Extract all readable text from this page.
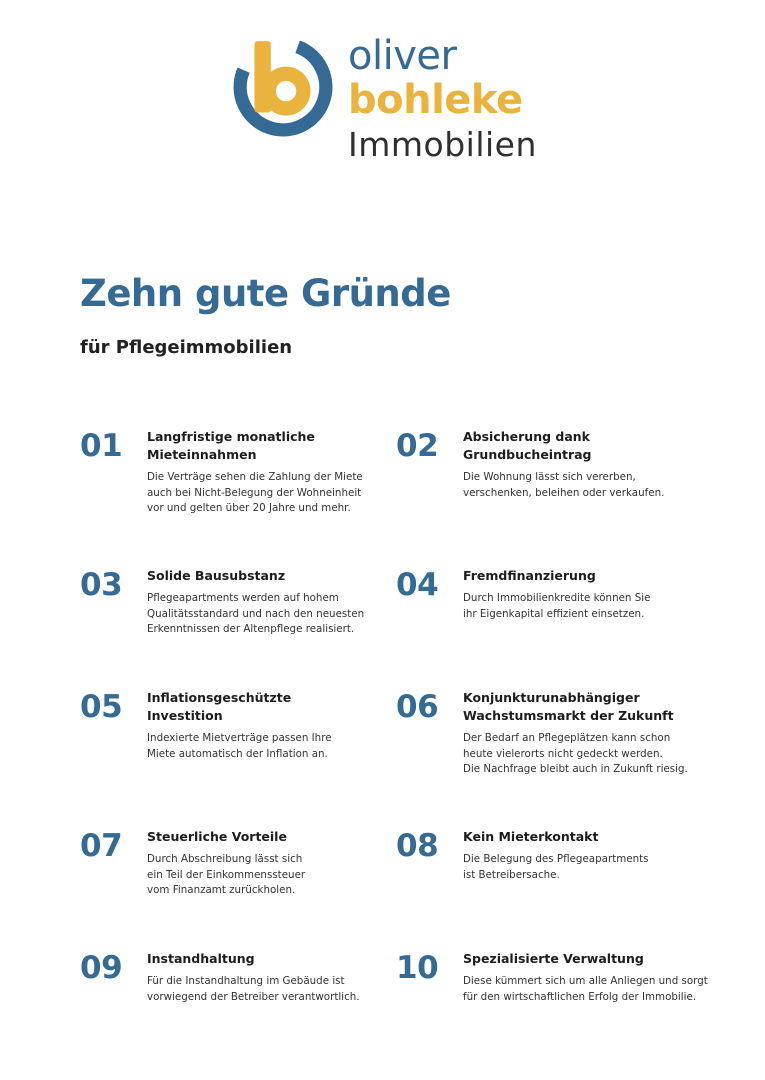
oliver
bohleke
Immobilien
Zehn gute Gründe
für Pflegeimmobilien
01 Langfristige monatliche
Mieteinnahmen

Die Verträge sehen die Zahlung der Miete
auch bei Nicht-Belegung der Wohneinheit
vor und gelten über 20 Jahre und mehr.

02 Absicherung dank
Grundbucheintrag

Die Wohnung lässt sich vererben,
verschenken, beleihen oder verkaufen.

03 Solide Bausubstanz

Pflegeapartments werden auf hohem
Qualitätsstandard und nach den neuesten
Erkenntnissen der Altenpflege realisiert.

04 Fremdfinanzierung

Durch Immobilienkredite können Sie
ihr Eigenkapital effizient einsetzen.

05 Inflationsgeschützte
Investition

Indexierte Mietverträge passen Ihre
Miete automatisch der Inflation an.

06 Konjunkturunabhängiger
Wachstumsmarkt der Zukunft

Der Bedarf an Pflegeplätzen kann schon
heute vielerorts nicht gedeckt werden.
Die Nachfrage bleibt auch in Zukunft riesig.

07 Steuerliche Vorteile

Durch Abschreibung lässt sich
ein Teil der Einkommenssteuer
vom Finanzamt zurückholen.

08 Kein Mieterkontakt

Die Belegung des Pflegeapartments
ist Betreibersache.

09 Instandhaltung

Für die Instandhaltung im Gebäude ist
vorwiegend der Betreiber verantwortlich.

10 Spezialisierte Verwaltung

Diese kümmert sich um alle Anliegen und sorgt
für den wirtschaftlichen Erfolg der Immobilie.
